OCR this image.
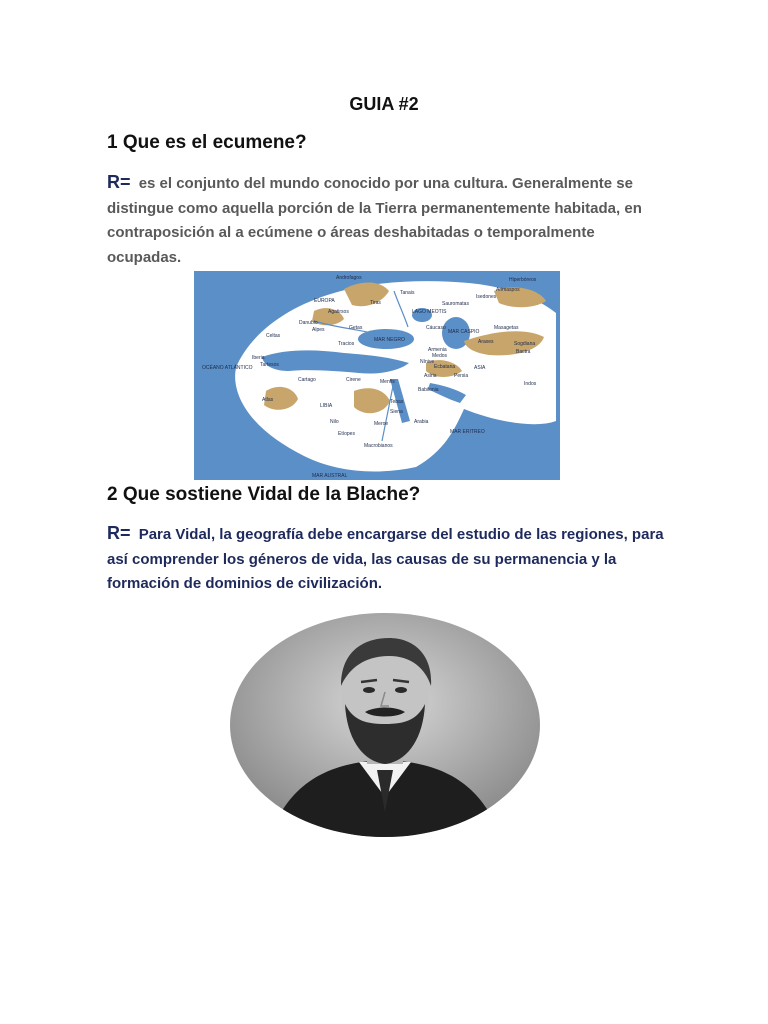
GUIA #2
1 Que es el ecumene?

R= es el conjunto del mundo conocido por una cultura. Generalmente se distingue como aquella porción de la Tierra permanentemente habitada, en contraposición al a ecúmene o áreas deshabitadas o temporalmente ocupadas.

Androfagos	Hiperbóreos
Arimaspos
Isedones
EUROPA
Tanais
Sauromatas
Agatirsos
Tiras
Danubio
Alpes	Getas
LAGO MEOTIS
Masagetas
Celtas
Cáucaso
MAR CASPIO
Sogdiana
MAR NEGRO
Tracios	Araxes
Bactra
Iberia
Tartesos
Armenia
OCÉANO ATLÁNTICO
Cartago	Cirene	Menfis
Nínive
Medos
Ecbatana	ASIA
Asiria	Persia
Indos
Babilonia
Atlas
LIBIA
Tebas
Siena
Nilo	Meroe	Arabia
MAR ERITREO
Etíopes
Macrobianos
MAR AUSTRAL
2 Que sostiene Vidal de la Blache?

R= Para Vidal, la geografía debe encargarse del estudio de las regiones, para así comprender los géneros de vida, las causas de su permanencia y la formación de dominios de civilización.
